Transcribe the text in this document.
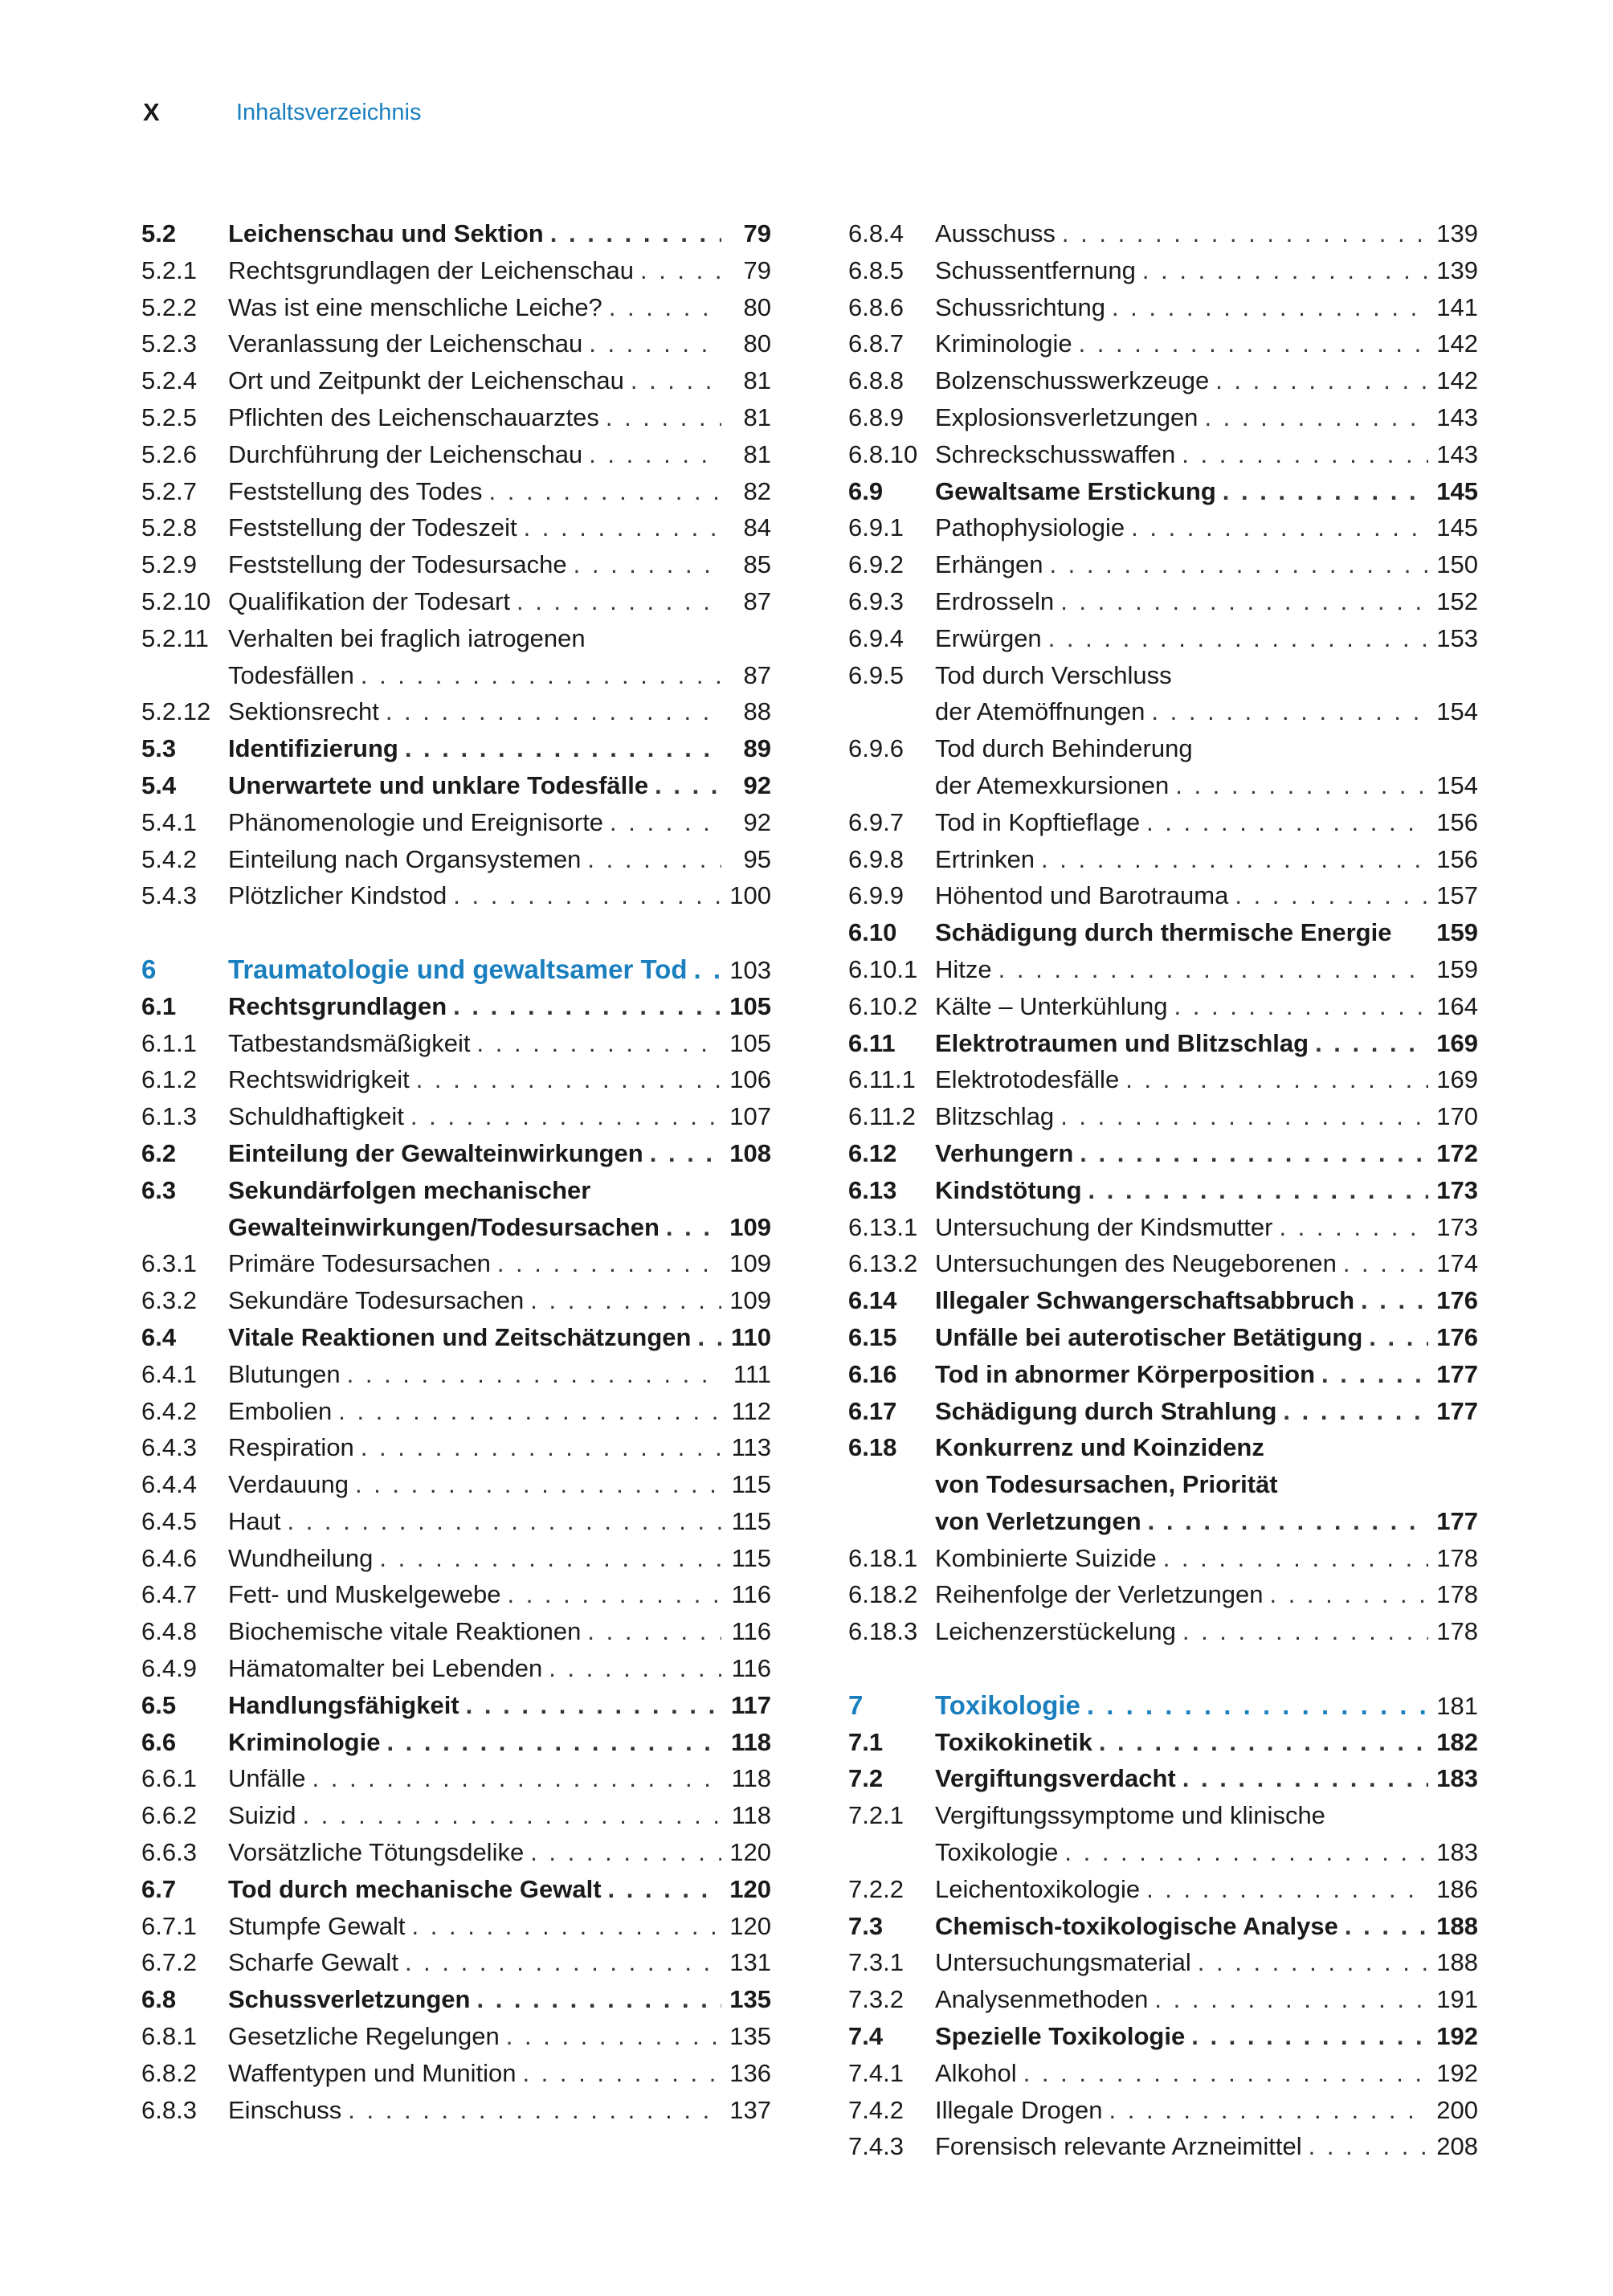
X	Inhaltsverzeichnis
5.2	Leichenschau und Sektion . . .	79
5.2.1	Rechtsgrundlagen der Leichenschau . . .	79
5.2.2	Was ist eine menschliche Leiche? . . .	80
5.2.3	Veranlassung der Leichenschau . . .	80
5.2.4	Ort und Zeitpunkt der Leichenschau . . .	81
5.2.5	Pflichten des Leichenschauarztes . . .	81
5.2.6	Durchführung der Leichenschau . . .	81
5.2.7	Feststellung des Todes . . .	82
5.2.8	Feststellung der Todeszeit . . .	84
5.2.9	Feststellung der Todesursache . . .	85
5.2.10 Qualifikation der Todesart . . .	87
5.2.11 Verhalten bei fraglich iatrogenen
Todesfällen . . .	87
5.2.12 Sektionsrecht . . .	88
5.3	Identifizierung . . .	89
5.4	Unerwartete und unklare Todesfälle . . .	92
5.4.1	Phänomenologie und Ereignisorte . . .	92
5.4.2	Einteilung nach Organsystemen . . .	95
5.4.3	Plötzlicher Kindstod . . .	100
6	Traumatologie und gewaltsamer Tod . . . 103
6.1	Rechtsgrundlagen . . .	105
6.1.1	Tatbestandsmäßigkeit . . .	105
6.1.2	Rechtswidrigkeit . . .	106
6.1.3	Schuldhaftigkeit . . .	107
6.2	Einteilung der Gewalteinwirkungen . . .	108
6.3	Sekundärfolgen mechanischer
Gewalteinwirkungen/Todesursachen . . .	109
6.3.1	Primäre Todesursachen . . .	109
6.3.2	Sekundäre Todesursachen . . .	109
6.4	Vitale Reaktionen und Zeitschätzungen . . . 110
6.4.1	Blutungen . . .	111
6.4.2	Embolien . . .	112
6.4.3	Respiration . . .	113
6.4.4	Verdauung . . .	115
6.4.5	Haut . . .	115
6.4.6	Wundheilung . . .	115
6.4.7	Fett- und Muskelgewebe . . .	116
6.4.8	Biochemische vitale Reaktionen . . .	116
6.4.9	Hämatomalter bei Lebenden . . .	116
6.5	Handlungsfähigkeit . . .	117
6.6	Kriminologie . . .	118
6.6.1	Unfälle . . .	118
6.6.2	Suizid . . .	118
6.6.3	Vorsätzliche Tötungsdelike . . .	120
6.7	Tod durch mechanische Gewalt . . .	120
6.7.1	Stumpfe Gewalt . . .	120
6.7.2	Scharfe Gewalt . . .	131
6.8	Schussverletzungen . . .	135
6.8.1	Gesetzliche Regelungen . . .	135
6.8.2	Waffentypen und Munition . . .	136
6.8.3	Einschuss . . .	137
6.8.4	Ausschuss . . .	139
6.8.5	Schussentfernung . . .	139
6.8.6	Schussrichtung . . .	141
6.8.7	Kriminologie . . .	142
6.8.8	Bolzenschusswerkzeuge . . .	142
6.8.9	Explosionsverletzungen . . .	143
6.8.10 Schreckschusswaffen . . .	143
6.9	Gewaltsame Erstickung . . .	145
6.9.1	Pathophysiologie . . .	145
6.9.2	Erhängen . . .	150
6.9.3	Erdrosseln . . .	152
6.9.4	Erwürgen . . .	153
6.9.5	Tod durch Verschluss
der Atemöffnungen . . .	154
6.9.6	Tod durch Behinderung
der Atemexkursionen . . .	154
6.9.7	Tod in Kopftieflage . . .	156
6.9.8	Ertrinken . . .	156
6.9.9	Höhentod und Barotrauma . . .	157
6.10	Schädigung durch thermische Energie 159
6.10.1 Hitze . . .	159
6.10.2 Kälte – Unterkühlung . . .	164
6.11	Elektrotraumen und Blitzschlag . . .	169
6.11.1 Elektrotodesfälle . . .	169
6.11.2 Blitzschlag . . .	170
6.12	Verhungern . . .	172
6.13	Kindstötung . . .	173
6.13.1 Untersuchung der Kindsmutter . . .	173
6.13.2 Untersuchungen des Neugeborenen . . .	174
6.14	Illegaler Schwangerschaftsabbruch . . .	176
6.15	Unfälle bei auterotischer Betätigung . . .	176
6.16	Tod in abnormer Körperposition . . .	177
6.17	Schädigung durch Strahlung . . .	177
6.18	Konkurrenz und Koinzidenz
von Todesursachen, Priorität
von Verletzungen . . .	177
6.18.1 Kombinierte Suizide . . .	178
6.18.2 Reihenfolge der Verletzungen . . .	178
6.18.3 Leichenzerstückelung . . .	178
7	Toxikologie . . .	181
7.1	Toxikokinetik . . .	182
7.2	Vergiftungsverdacht . . .	183
7.2.1	Vergiftungssymptome und klinische
Toxikologie . . .	183
7.2.2	Leichentoxikologie . . .	186
7.3	Chemisch-toxikologische Analyse . . .	188
7.3.1	Untersuchungsmaterial . . .	188
7.3.2	Analysenmethoden . . .	191
7.4	Spezielle Toxikologie . . .	192
7.4.1	Alkohol . . .	192
7.4.2	Illegale Drogen . . .	200
7.4.3	Forensisch relevante Arzneimittel . . .	208
